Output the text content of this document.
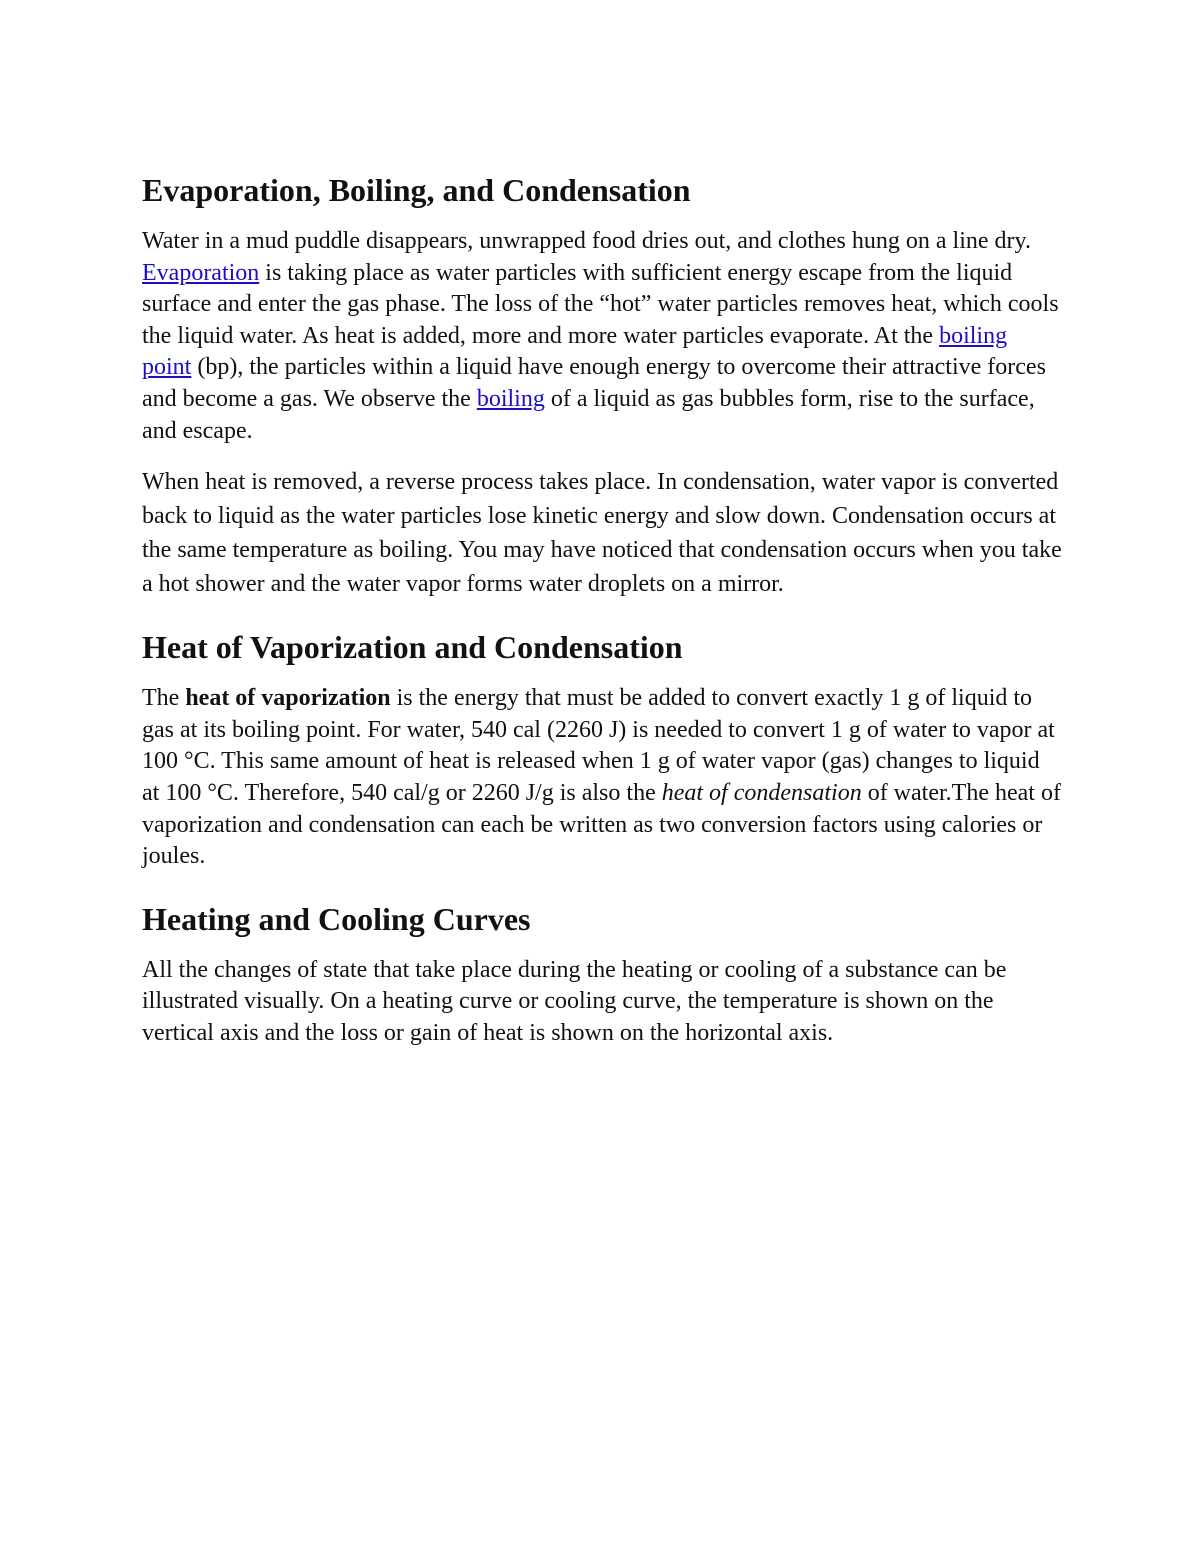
Evaporation, Boiling, and Condensation

Water in a mud puddle disappears, unwrapped food dries out, and clothes hung on a line dry. Evaporation is taking place as water particles with sufficient energy escape from the liquid surface and enter the gas phase. The loss of the “hot” water particles removes heat, which cools the liquid water. As heat is added, more and more water particles evaporate. At the boiling point (bp), the particles within a liquid have enough energy to overcome their attractive forces and become a gas. We observe the boiling of a liquid as gas bubbles form, rise to the surface, and escape.

When heat is removed, a reverse process takes place. In condensation, water vapor is converted back to liquid as the water particles lose kinetic energy and slow down. Condensation occurs at the same temperature as boiling. You may have noticed that condensation occurs when you take a hot shower and the water vapor forms water droplets on a mirror.

Heat of Vaporization and Condensation

The heat of vaporization is the energy that must be added to convert exactly 1 g of liquid to gas at its boiling point. For water, 540 cal (2260 J) is needed to convert 1 g of water to vapor at 100 °C. This same amount of heat is released when 1 g of water vapor (gas) changes to liquid at 100 °C. Therefore, 540 cal/g or 2260 J/g is also the heat of condensation of water.The heat of vaporization and condensation can each be written as two conversion factors using calories or joules.

Heating and Cooling Curves

All the changes of state that take place during the heating or cooling of a substance can be illustrated visually. On a heating curve or cooling curve, the temperature is shown on the vertical axis and the loss or gain of heat is shown on the horizontal axis.
